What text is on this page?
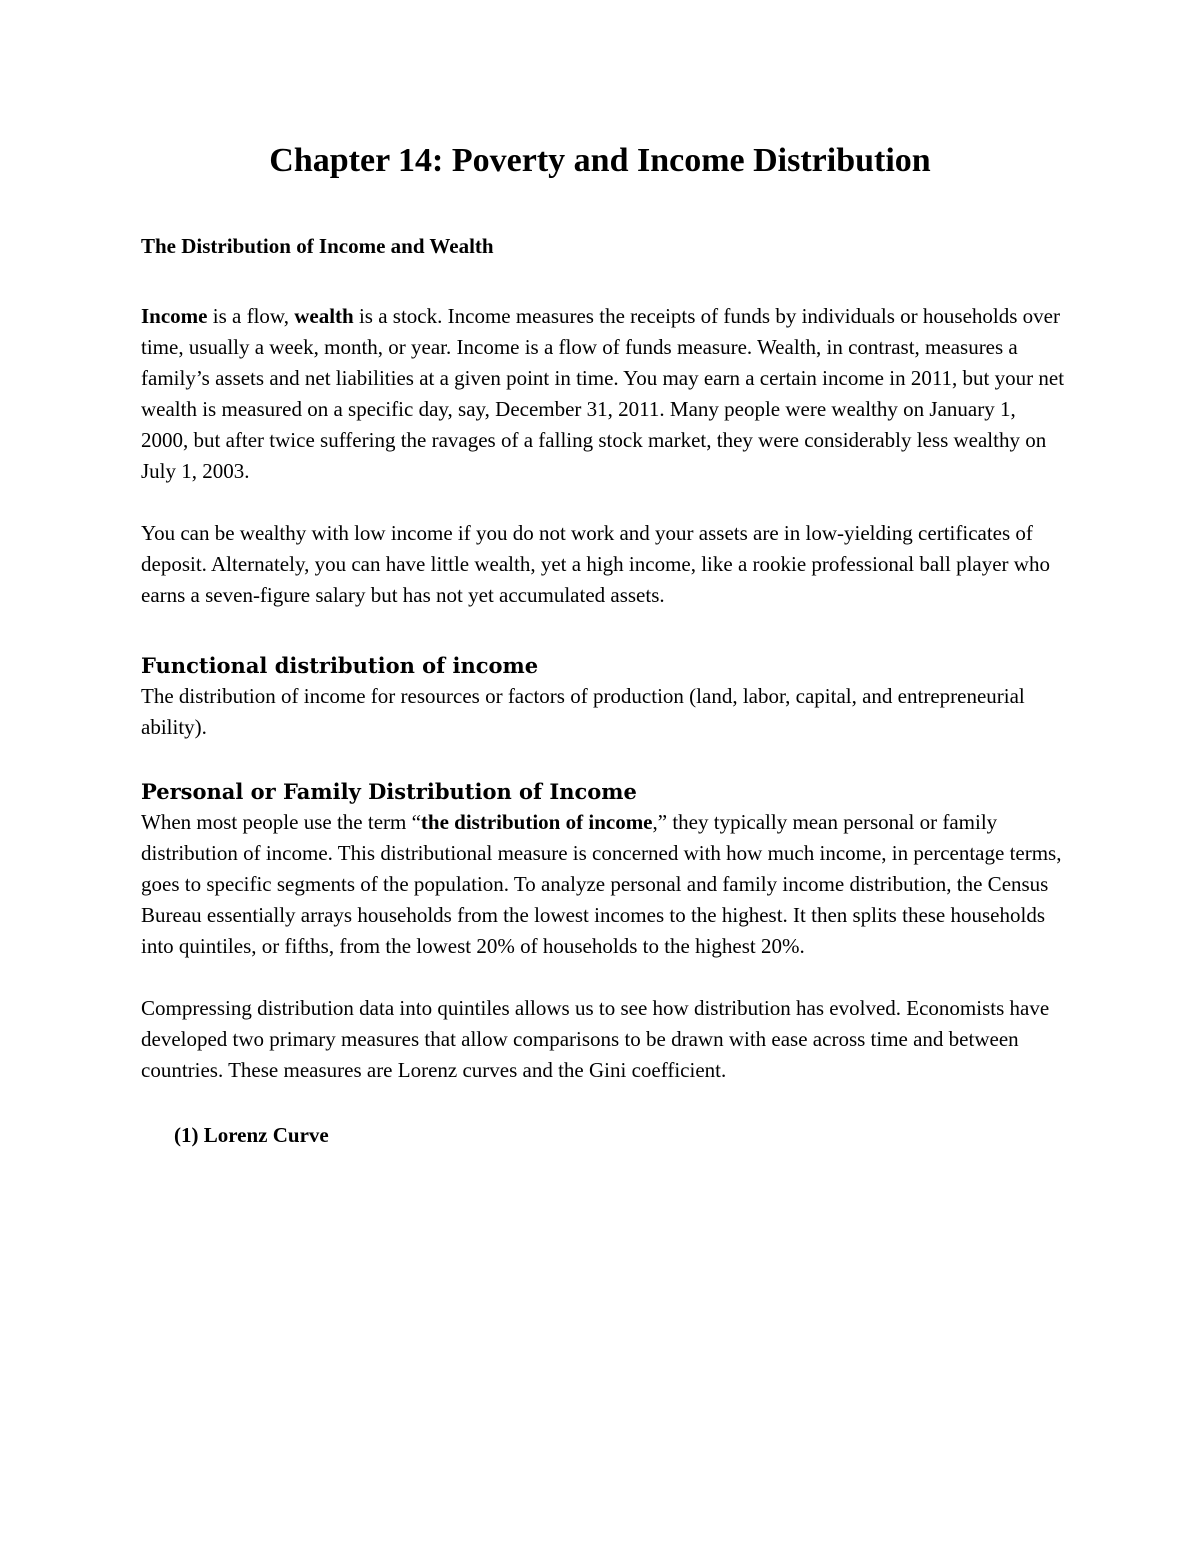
Chapter 14: Poverty and Income Distribution
The Distribution of Income and Wealth

Income is a flow, wealth is a stock. Income measures the receipts of funds by individuals or households over time, usually a week, month, or year. Income is a flow of funds measure. Wealth, in contrast, measures a family’s assets and net liabilities at a given point in time. You may earn a certain income in 2011, but your net wealth is measured on a specific day, say, December 31, 2011. Many people were wealthy on January 1, 2000, but after twice suffering the ravages of a falling stock market, they were considerably less wealthy on July 1, 2003.

You can be wealthy with low income if you do not work and your assets are in low-yielding certificates of deposit. Alternately, you can have little wealth, yet a high income, like a rookie professional ball player who earns a seven-figure salary but has not yet accumulated assets.

Functional distribution of income

The distribution of income for resources or factors of production (land, labor, capital, and entrepreneurial ability).

Personal or Family Distribution of Income

When most people use the term “the distribution of income,” they typically mean personal or family distribution of income. This distributional measure is concerned with how much income, in percentage terms, goes to specific segments of the population. To analyze personal and family income distribution, the Census Bureau essentially arrays households from the lowest incomes to the highest. It then splits these households into quintiles, or fifths, from the lowest 20% of households to the highest 20%.

Compressing distribution data into quintiles allows us to see how distribution has evolved. Economists have developed two primary measures that allow comparisons to be drawn with ease across time and between countries. These measures are Lorenz curves and the Gini coefficient.

(1) Lorenz Curve
